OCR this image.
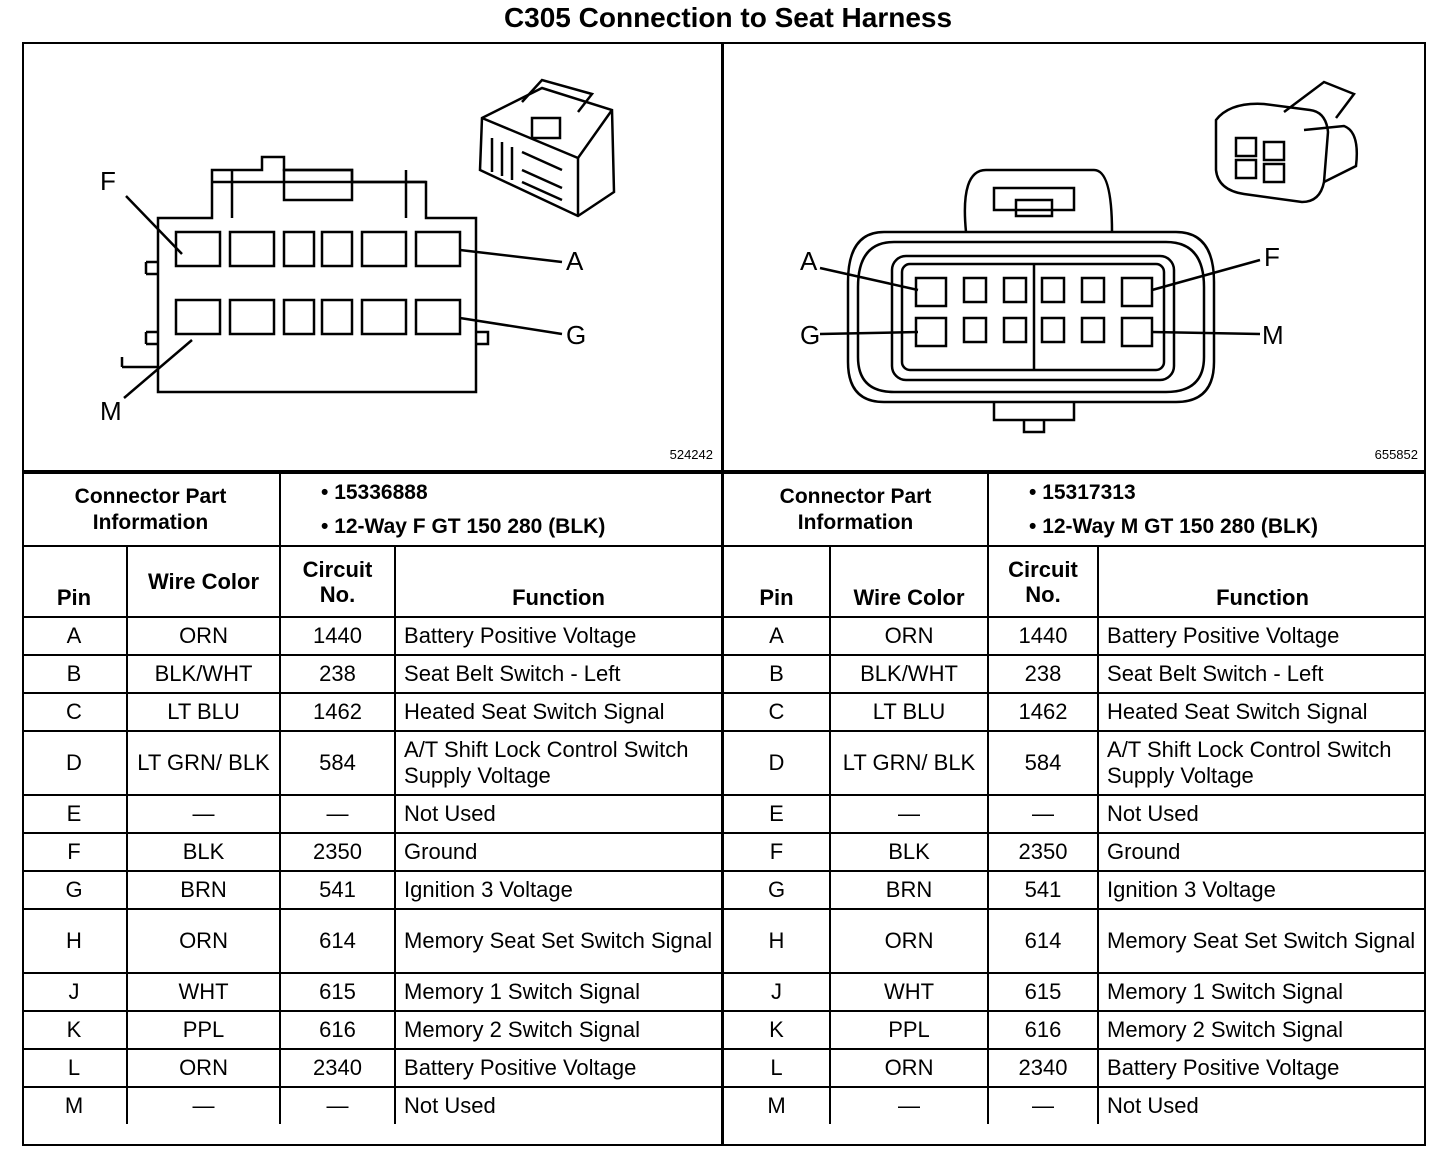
C305 Connection to Seat Harness
F
A
G
M
524242
Connector Part Information		• 15336888
• 12-Way F GT 150 280 (BLK)	

Pin	Wire Color	Circuit No.	Function
A	ORN	1440	Battery Positive Voltage
B	BLK/WHT	238	Seat Belt Switch - Left
C	LT BLU	1462	Heated Seat Switch Signal
D	LT GRN/ BLK	584	A/T Shift Lock Control Switch Supply Voltage
E	—	—	Not Used
F	BLK	2350	Ground
G	BRN	541	Ignition 3 Voltage
H	ORN	614	Memory Seat Set Switch Signal
J	WHT	615	Memory 1 Switch Signal
K	PPL	616	Memory 2 Switch Signal
L	ORN	2340	Battery Positive Voltage
M	—	—	Not Used
A	F
G	M
655852
Connector Part Information		• 15317313
• 12-Way M GT 150 280 (BLK)	

Pin	Wire Color	Circuit No.	Function
A	ORN	1440	Battery Positive Voltage
B	BLK/WHT	238	Seat Belt Switch - Left
C	LT BLU	1462	Heated Seat Switch Signal
D	LT GRN/ BLK	584	A/T Shift Lock Control Switch Supply Voltage
E	—	—	Not Used
F	BLK	2350	Ground
G	BRN	541	Ignition 3 Voltage
H	ORN	614	Memory Seat Set Switch Signal
J	WHT	615	Memory 1 Switch Signal
K	PPL	616	Memory 2 Switch Signal
L	ORN	2340	Battery Positive Voltage
M	—	—	Not Used
